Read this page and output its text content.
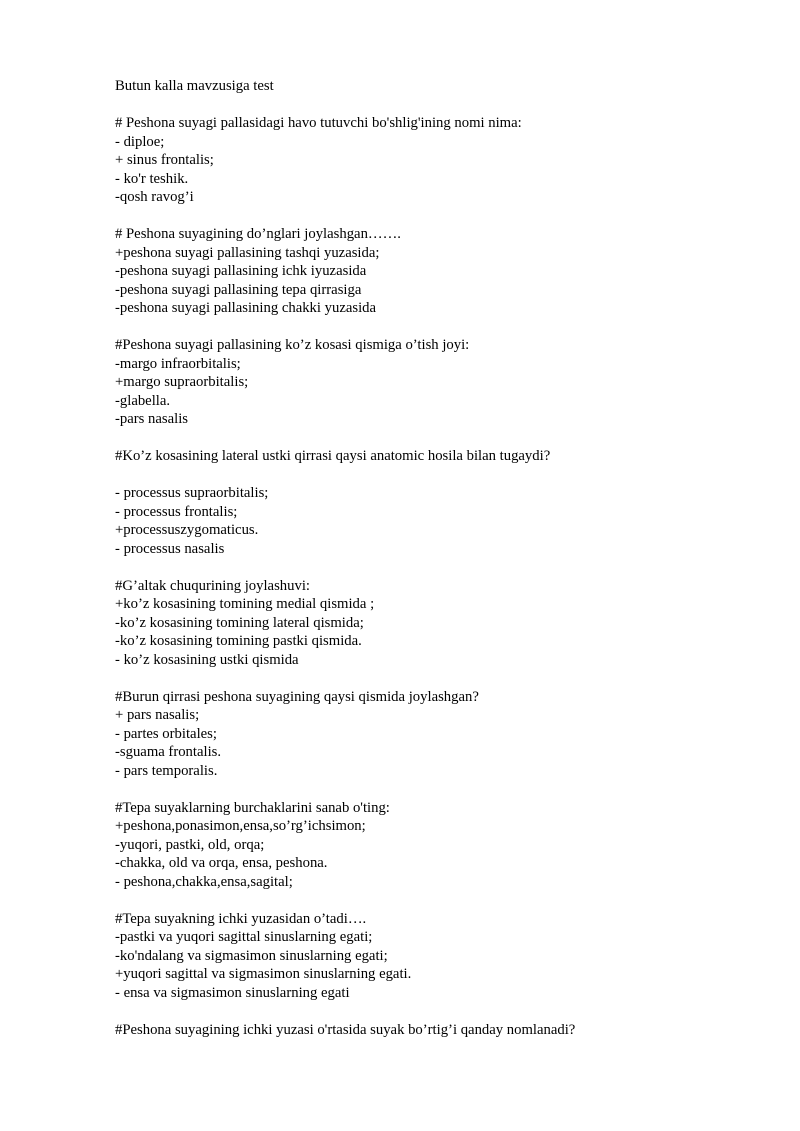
Butun kalla mavzusiga test
# Peshona suyagi pallasidagi havo tutuvchi bo'shlig'ining nomi nima:
- diploe;
+ sinus frontalis;
- ko'r teshik.
-qosh ravog’i
# Peshona suyagining do’nglari joylashgan…….
+peshona suyagi pallasining tashqi yuzasida;
-peshona suyagi pallasining ichk iyuzasida
-peshona suyagi pallasining tepa qirrasiga
-peshona suyagi pallasining chakki yuzasida
#Peshona suyagi pallasining ko’z kosasi qismiga o’tish joyi:
-margo infraorbitalis;
+margo supraorbitalis;
-glabella.
-pars nasalis
#Ko’z kosasining lateral ustki qirrasi qaysi anatomic hosila bilan tugaydi?
- processus supraorbitalis;
- processus frontalis;
+processuszygomaticus.
- processus nasalis
#G’altak chuqurining joylashuvi:
+ko’z kosasining tomining medial qismida ;
-ko’z kosasining tomining lateral qismida;
-ko’z kosasining tomining pastki qismida.
- ko’z kosasining ustki qismida
#Burun qirrasi peshona suyagining qaysi qismida joylashgan?
+ pars nasalis;
- partes orbitales;
-sguama frontalis.
- pars temporalis.
#Tepa suyaklarning burchaklarini sanab o'ting:
+peshona,ponasimon,ensa,so’rg’ichsimon;
-yuqori, pastki, old, orqa;
-chakka, old va orqa, ensa, peshona.
- peshona,chakka,ensa,sagital;
#Tepa suyakning ichki yuzasidan o’tadi….
-pastki va yuqori sagittal sinuslarning egati;
-ko'ndalang va sigmasimon sinuslarning egati;
+yuqori sagittal va sigmasimon sinuslarning egati.
- ensa va sigmasimon sinuslarning egati
#Peshona suyagining ichki yuzasi o'rtasida suyak bo’rtig’i qanday nomlanadi?
